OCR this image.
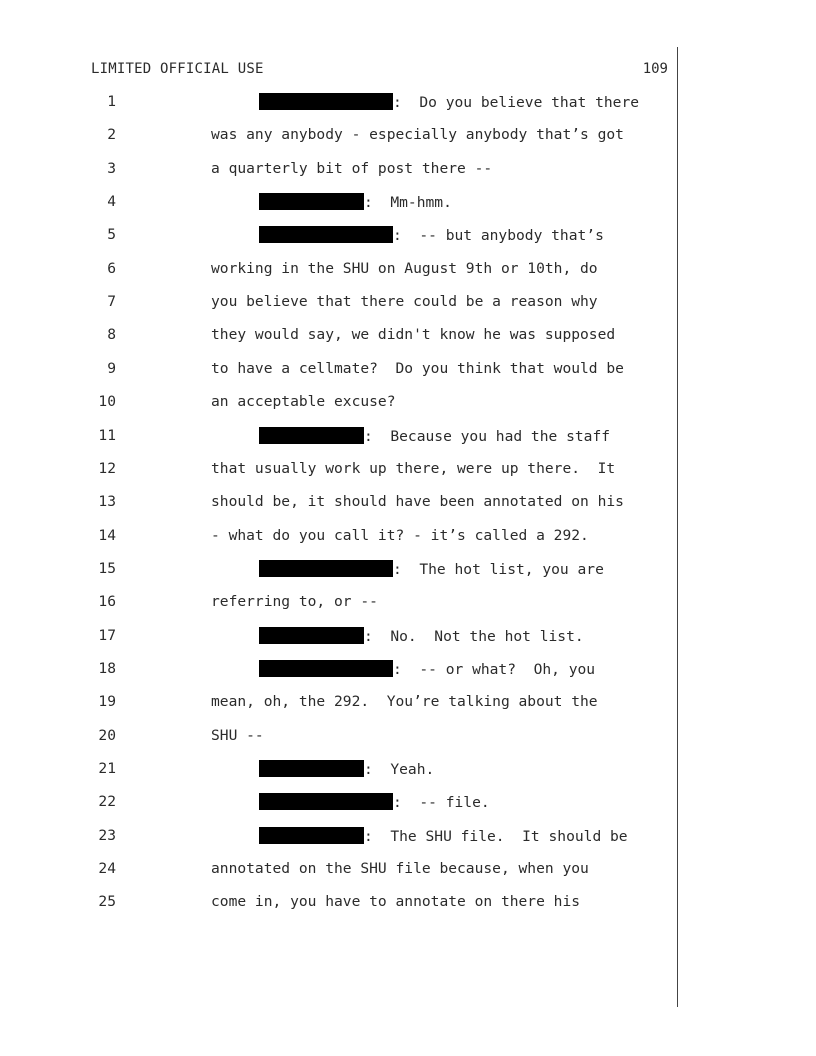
LIMITED OFFICIAL USE	109
1	:  Do you believe that there
2	was any anybody - especially anybody that’s got
3	a quarterly bit of post there --
4	:  Mm-hmm.
5	:  -- but anybody that’s
6	working in the SHU on August 9th or 10th, do
7	you believe that there could be a reason why
8	they would say, we didn't know he was supposed
9	to have a cellmate?  Do you think that would be
10	an acceptable excuse?
11	:  Because you had the staff
12	that usually work up there, were up there.  It
13	should be, it should have been annotated on his
14	- what do you call it? - it’s called a 292.
15	:  The hot list, you are
16	referring to, or --
17	:  No.  Not the hot list.
18	:  -- or what?  Oh, you
19	mean, oh, the 292.  You’re talking about the
20	SHU --
21	:  Yeah.
22	:  -- file.
23	:  The SHU file.  It should be
24	annotated on the SHU file because, when you
25	come in, you have to annotate on there his
